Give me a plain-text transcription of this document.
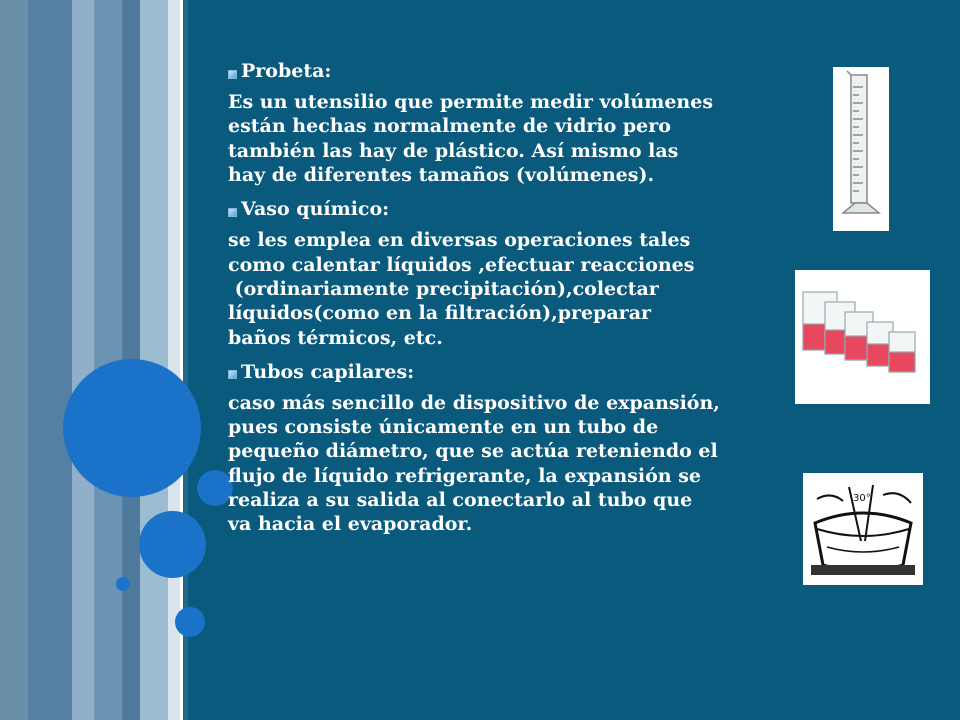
Probeta:
Es un utensilio que permite medir volúmenes
están hechas normalmente de vidrio pero
también las hay de plástico. Así mismo las
hay de diferentes tamaños (volúmenes).
Vaso químico:
se les emplea en diversas operaciones tales
como calentar líquidos ,efectuar reacciones
(ordinariamente precipitación),colectar
líquidos(como en la filtración),preparar
baños térmicos, etc.
Tubos capilares:
caso más sencillo de dispositivo de expansión,
pues consiste únicamente en un tubo de
pequeño diámetro, que se actúa reteniendo el
flujo de líquido refrigerante, la expansión se
realiza a su salida al conectarlo al tubo que
va hacia el evaporador.
30°
